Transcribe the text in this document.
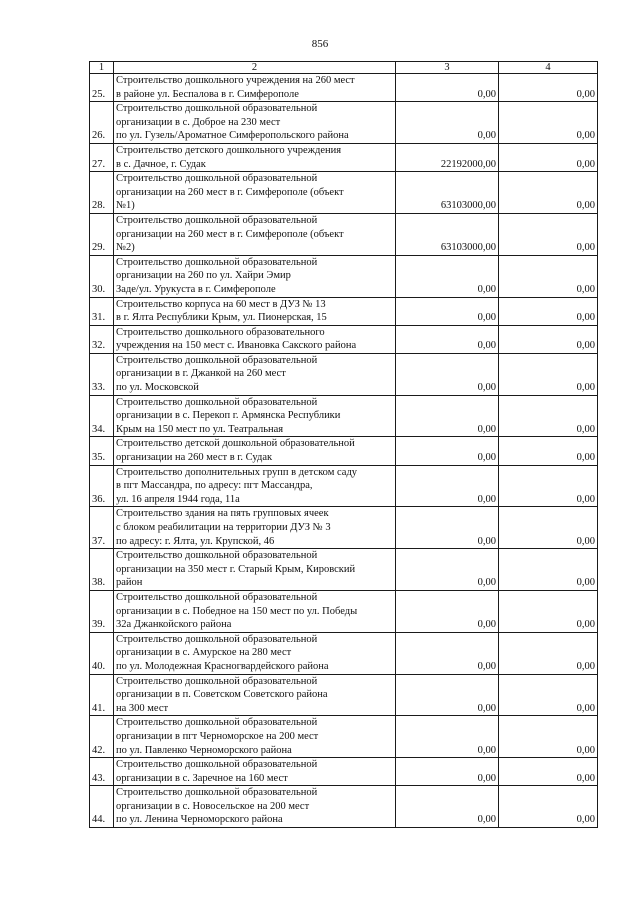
856
1	2	3	4
25.	Строительство дошкольного учреждения на 260 мест
в районе ул. Беспалова в г. Симферополе	0,00	0,00
26.	Строительство дошкольной образовательной
организации в с. Доброе на 230 мест
по ул. Гузель/Ароматное Симферопольского района	0,00	0,00
27.	Строительство детского дошкольного учреждения
в с. Дачное, г. Судак	22192000,00	0,00
28.	Строительство дошкольной образовательной
организации на 260 мест в г. Симферополе (объект
№1)	63103000,00	0,00
29.	Строительство дошкольной образовательной
организации на 260 мест в г. Симферополе (объект
№2)	63103000,00	0,00
30.	Строительство дошкольной образовательной
организации на 260 по ул. Хайри Эмир
Заде/ул. Урукуста в г. Симферополе	0,00	0,00
31.	Строительство корпуса на 60 мест в ДУЗ № 13
в г. Ялта Республики Крым, ул. Пионерская, 15	0,00	0,00
32.	Строительство дошкольного образовательного
учреждения на 150 мест с. Ивановка Сакского района	0,00	0,00
33.	Строительство дошкольной образовательной
организации в г. Джанкой на 260 мест
по ул. Московской	0,00	0,00
34.	Строительство дошкольной образовательной
организации в с. Перекоп г. Армянска Республики
Крым на 150 мест по ул. Театральная	0,00	0,00
35.	Строительство детской дошкольной образовательной
организации на 260 мест в г. Судак	0,00	0,00
36.	Строительство дополнительных групп в детском саду
в пгт Массандра, по адресу: пгт Массандра,
ул. 16 апреля 1944 года, 11а	0,00	0,00
37.	Строительство здания на пять групповых ячеек
с блоком реабилитации на территории ДУЗ № 3
по адресу: г. Ялта, ул. Крупской, 46	0,00	0,00
38.	Строительство дошкольной образовательной
организации на 350 мест г. Старый Крым, Кировский
район	0,00	0,00
39.	Строительство дошкольной образовательной
организации в с. Победное на 150 мест по ул. Победы
32а Джанкойского района	0,00	0,00
40.	Строительство дошкольной образовательной
организации в с. Амурское на 280 мест
по ул. Молодежная Красногвардейского района	0,00	0,00
41.	Строительство дошкольной образовательной
организации в п. Советском Советского района
на 300 мест	0,00	0,00
42.	Строительство дошкольной образовательной
организации в пгт Черноморское на 200 мест
по ул. Павленко Черноморского района	0,00	0,00
43.	Строительство дошкольной образовательной
организации в с. Заречное на 160 мест	0,00	0,00
44.	Строительство дошкольной образовательной
организации в с. Новосельское на 200 мест
по ул. Ленина Черноморского района	0,00	0,00
